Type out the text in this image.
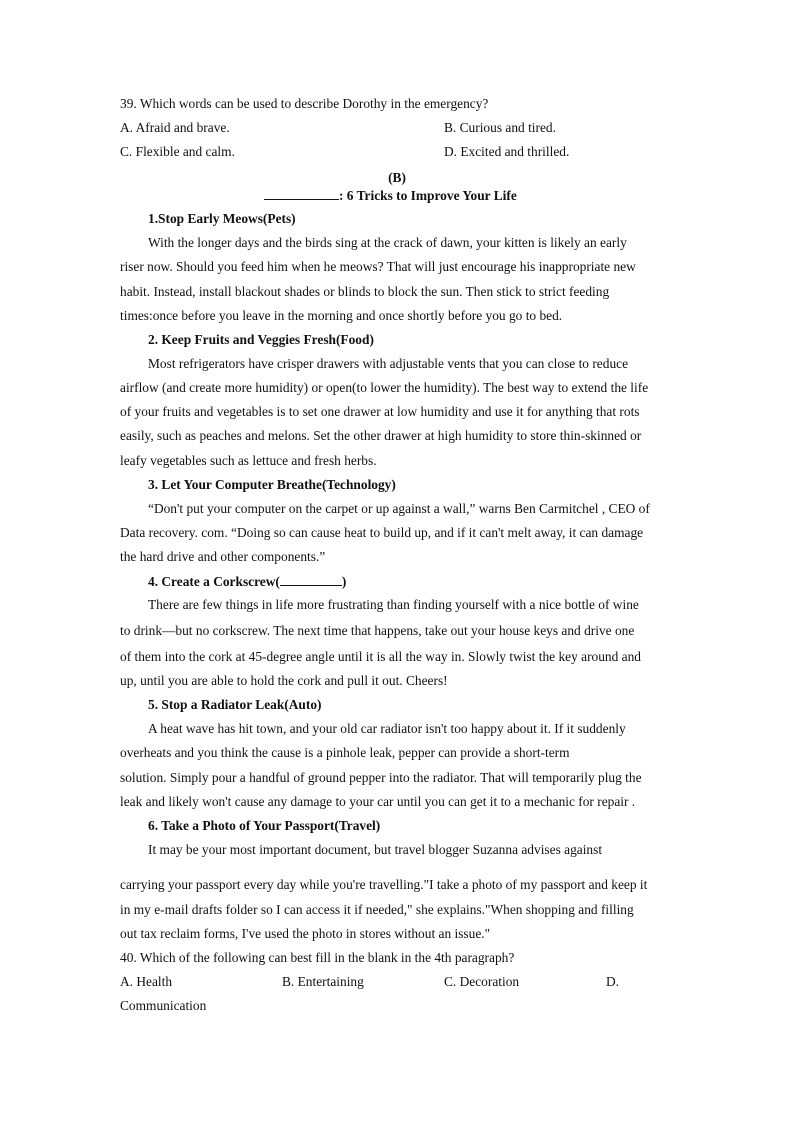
39. Which words can be used to describe Dorothy in the emergency?
A. Afraid and brave.	B. Curious and tired.
C. Flexible and calm.	D. Excited and thrilled.
(B)
: 6 Tricks to Improve Your Life
1.Stop Early Meows(Pets)
With the longer days and the birds sing at the crack of dawn, your kitten is likely an early
riser now. Should you feed him when he meows? That will just encourage his inappropriate new
habit. Instead, install blackout shades or blinds to block the sun. Then stick to strict feeding
times:once before you leave in the morning and once shortly before you go to bed.
2. Keep Fruits and Veggies Fresh(Food)
Most refrigerators have crisper drawers with adjustable vents that you can close to reduce
airflow (and create more humidity) or open(to lower the humidity). The best way to extend the life
of your fruits and vegetables is to set one drawer at low humidity and use it for anything that rots
easily, such as peaches and melons. Set the other drawer at high humidity to store thin-skinned or
leafy vegetables such as lettuce and fresh herbs.
3. Let Your Computer Breathe(Technology)
“Don't put your computer on the carpet or up against a wall,” warns Ben Carmitchel , CEO of
Data recovery. com. “Doing so can cause heat to build up, and if it can't melt away, it can damage
the hard drive and other components.”
4. Create a Corkscrew(	)
There are few things in life more frustrating than finding yourself with a nice bottle of wine
to drink—but no corkscrew. The next time that happens, take out your house keys and drive one
of them into the cork at 45-degree angle until it is all the way in. Slowly twist the key around and
up, until you are able to hold the cork and pull it out. Cheers!
5. Stop a Radiator Leak(Auto)
A heat wave has hit town, and your old car radiator isn't too happy about it. If it suddenly
overheats and you think the cause is a pinhole leak, pepper can provide a short-term
solution. Simply pour a handful of ground pepper into the radiator. That will temporarily plug the
leak and likely won't cause any damage to your car until you can get it to a mechanic for repair .
6. Take a Photo of Your Passport(Travel)
It may be your most important document, but travel blogger Suzanna advises against
carrying your passport every day while you're travelling."I take a photo of my passport and keep it
in my e-mail drafts folder so I can access it if needed," she explains."When shopping and filling
out tax reclaim forms, I've used the photo in stores without an issue."
40. Which of the following can best fill in the blank in the 4th paragraph?
A. Health	B. Entertaining	C. Decoration	D.
Communication
